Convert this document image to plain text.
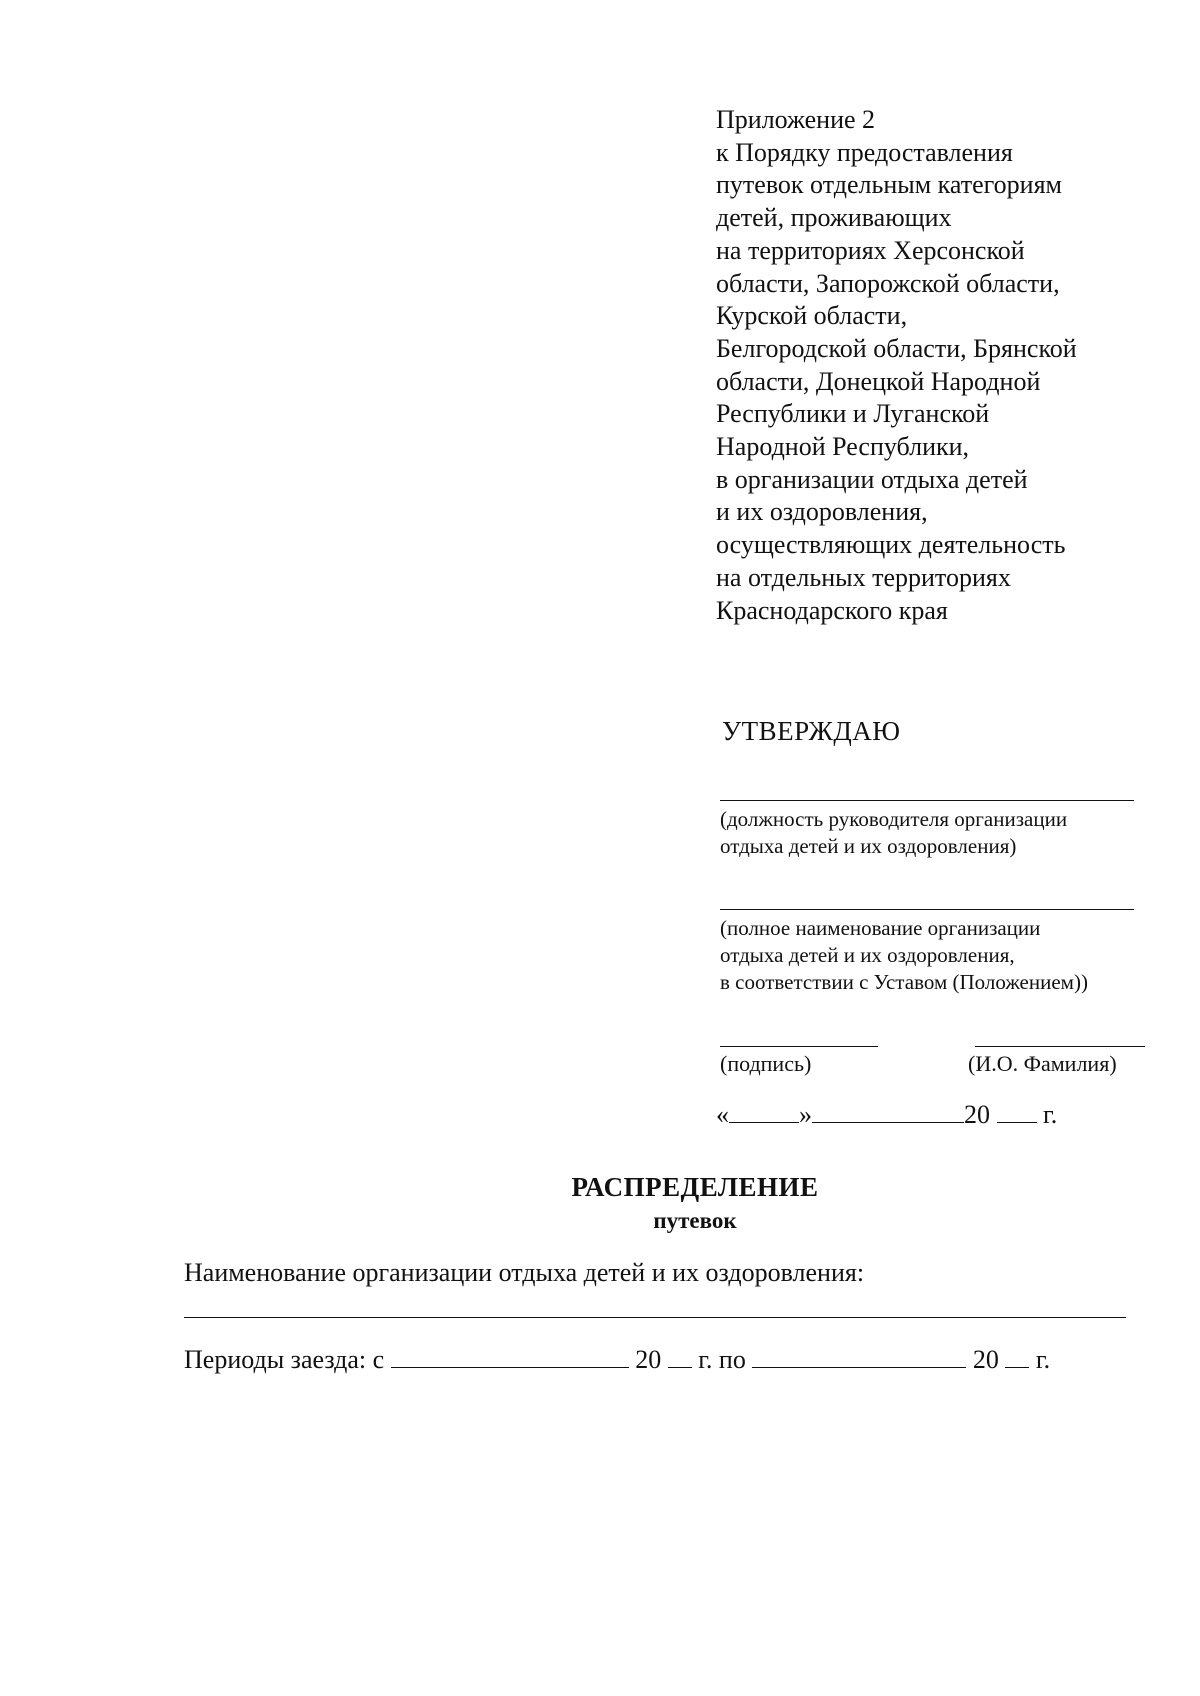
Приложение 2
к Порядку предоставления
путевок отдельным категориям
детей, проживающих
на территориях Херсонской
области, Запорожской области,
Курской области,
Белгородской области, Брянской
области, Донецкой Народной
Республики и Луганской
Народной Республики,
в организации отдыха детей
и их оздоровления,
осуществляющих деятельность
на отдельных территориях
Краснодарского края
УТВЕРЖДАЮ
(должность руководителя организации
отдыха детей и их оздоровления)
(полное наименование организации
отдыха детей и их оздоровления,
в соответствии с Уставом (Положением))
(подпись)	(И.О. Фамилия)
«	»	20 г.
РАСПРЕДЕЛЕНИЕ
путевок
Наименование организации отдыха детей и их оздоровления:
Периоды заезда: с	20 г. по	20 г.
